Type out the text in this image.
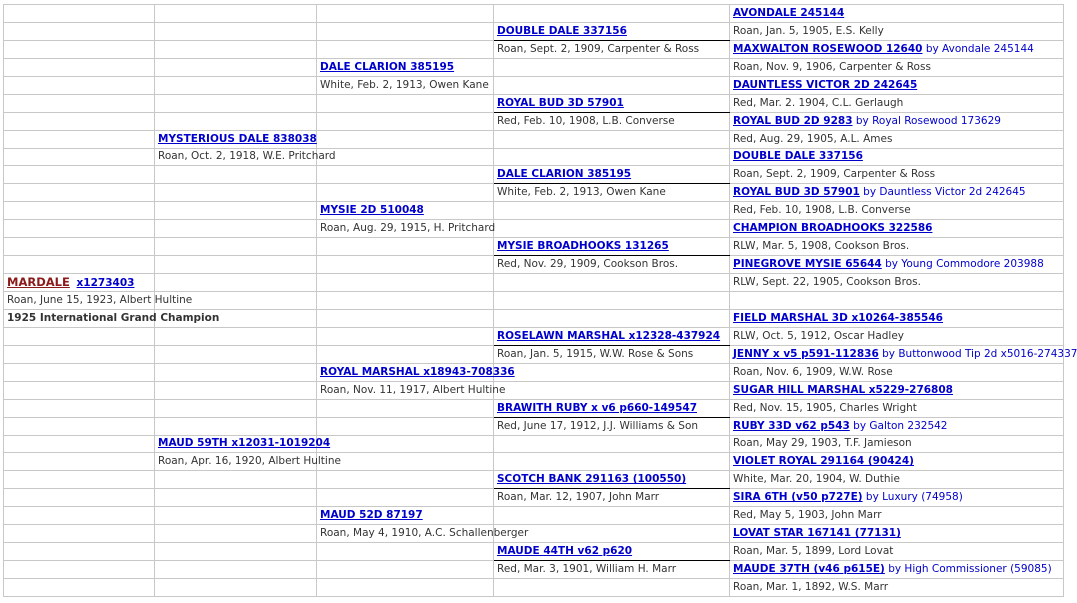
				AVONDALE 245144
			DOUBLE DALE 337156	Roan, Jan. 5, 1905, E.S. Kelly
			Roan, Sept. 2, 1909, Carpenter & Ross	MAXWALTON ROSEWOOD 12640 by Avondale 245144
		DALE CLARION 385195		Roan, Nov. 9, 1906, Carpenter & Ross
		White, Feb. 2, 1913, Owen Kane		DAUNTLESS VICTOR 2D 242645
			ROYAL BUD 3D 57901	Red, Mar. 2. 1904, C.L. Gerlaugh
			Red, Feb. 10, 1908, L.B. Converse	ROYAL BUD 2D 9283 by Royal Rosewood 173629
	MYSTERIOUS DALE 838038			Red, Aug. 29, 1905, A.L. Ames
	Roan, Oct. 2, 1918, W.E. Pritchard			DOUBLE DALE 337156
			DALE CLARION 385195	Roan, Sept. 2, 1909, Carpenter & Ross
			White, Feb. 2, 1913, Owen Kane	ROYAL BUD 3D 57901 by Dauntless Victor 2d 242645
		MYSIE 2D 510048		Red, Feb. 10, 1908, L.B. Converse
		Roan, Aug. 29, 1915, H. Pritchard		CHAMPION BROADHOOKS 322586
			MYSIE BROADHOOKS 131265	RLW, Mar. 5, 1908, Cookson Bros.
			Red, Nov. 29, 1909, Cookson Bros.	PINEGROVE MYSIE 65644 by Young Commodore 203988
MARDALE x1273403				RLW, Sept. 22, 1905, Cookson Bros.
Roan, June 15, 1923, Albert Hultine				
1925 International Grand Champion				FIELD MARSHAL 3D x10264-385546
			ROSELAWN MARSHAL x12328-437924	RLW, Oct. 5, 1912, Oscar Hadley
			Roan, Jan. 5, 1915, W.W. Rose & Sons	JENNY x v5 p591-112836 by Buttonwood Tip 2d x5016-274337
		ROYAL MARSHAL x18943-708336		Roan, Nov. 6, 1909, W.W. Rose
		Roan, Nov. 11, 1917, Albert Hultine		SUGAR HILL MARSHAL x5229-276808
			BRAWITH RUBY x v6 p660-149547	Red, Nov. 15, 1905, Charles Wright
			Red, June 17, 1912, J.J. Williams & Son	RUBY 33D v62 p543 by Galton 232542
	MAUD 59TH x12031-1019204			Roan, May 29, 1903, T.F. Jamieson
	Roan, Apr. 16, 1920, Albert Hultine			VIOLET ROYAL 291164 (90424)
			SCOTCH BANK 291163 (100550)	White, Mar. 20, 1904, W. Duthie
			Roan, Mar. 12, 1907, John Marr	SIRA 6TH (v50 p727E) by Luxury (74958)
		MAUD 52D 87197		Red, May 5, 1903, John Marr
		Roan, May 4, 1910, A.C. Schallenberger		LOVAT STAR 167141 (77131)
			MAUDE 44TH v62 p620	Roan, Mar. 5, 1899, Lord Lovat
			Red, Mar. 3, 1901, William H. Marr	MAUDE 37TH (v46 p615E) by High Commissioner (59085)
				Roan, Mar. 1, 1892, W.S. Marr
